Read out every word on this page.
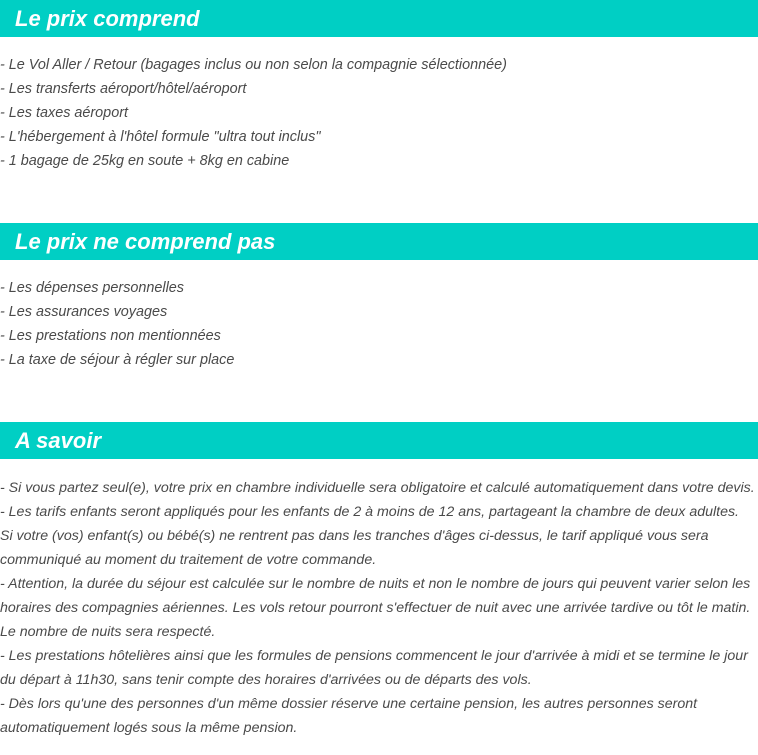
Le prix comprend
- Le Vol Aller / Retour (bagages inclus ou non selon la compagnie sélectionnée)
- Les transferts aéroport/hôtel/aéroport
- Les taxes aéroport
- L'hébergement à l'hôtel formule "ultra tout inclus"
- 1 bagage de 25kg en soute + 8kg en cabine
Le prix ne comprend pas
- Les dépenses personnelles
- Les assurances voyages
- Les prestations non mentionnées
- La taxe de séjour à régler sur place
A savoir
- Si vous partez seul(e), votre prix en chambre individuelle sera obligatoire et calculé automatiquement dans votre devis.
- Les tarifs enfants seront appliqués pour les enfants de 2 à moins de 12 ans, partageant la chambre de deux adultes.
Si votre (vos) enfant(s) ou bébé(s) ne rentrent pas dans les tranches d'âges ci-dessus, le tarif appliqué vous sera communiqué au moment du traitement de votre commande.
- Attention, la durée du séjour est calculée sur le nombre de nuits et non le nombre de jours qui peuvent varier selon les horaires des compagnies aériennes. Les vols retour pourront s'effectuer de nuit avec une arrivée tardive ou tôt le matin. Le nombre de nuits sera respecté.
- Les prestations hôtelières ainsi que les formules de pensions commencent le jour d'arrivée à midi et se termine le jour du départ à 11h30, sans tenir compte des horaires d'arrivées ou de départs des vols.
- Dès lors qu'une des personnes d'un même dossier réserve une certaine pension, les autres personnes seront automatiquement logés sous la même pension.
